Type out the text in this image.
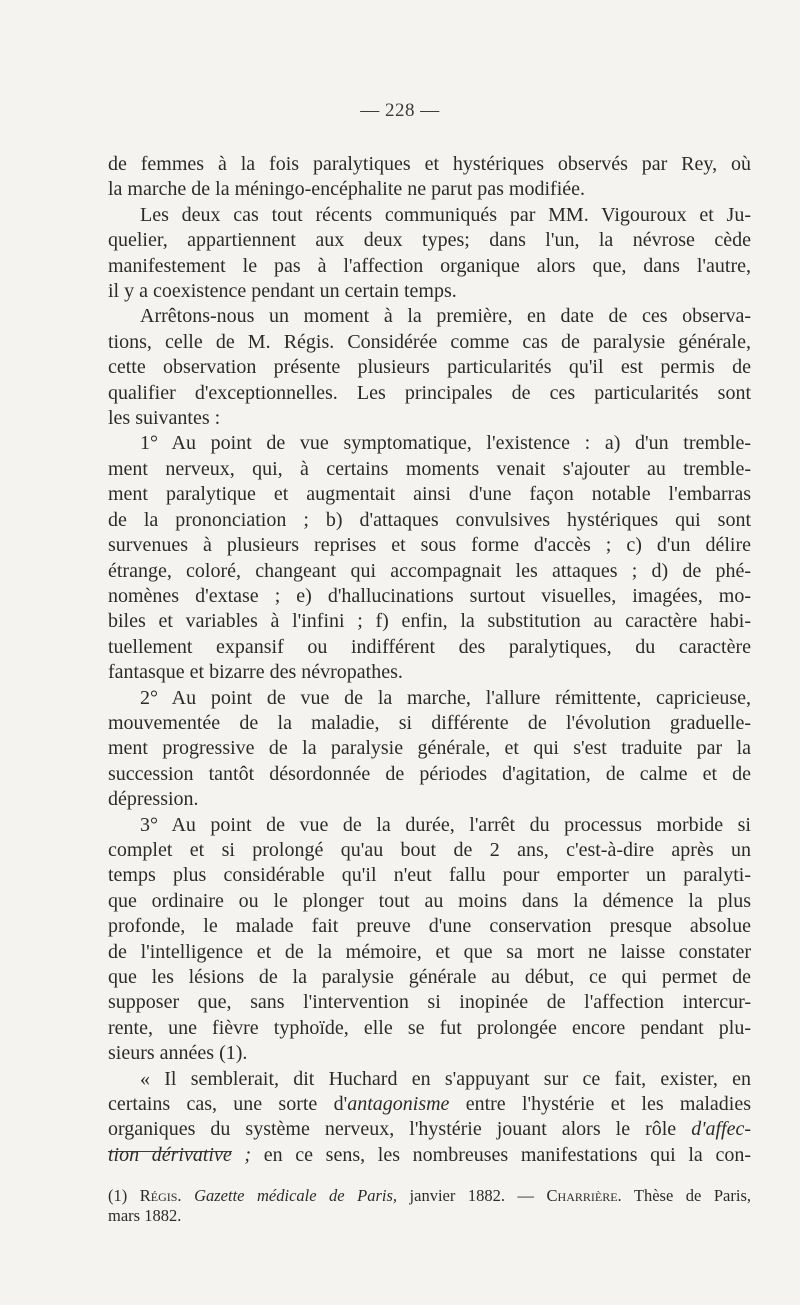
— 228 —
de femmes à la fois paralytiques et hystériques observés par Rey, où
la marche de la méningo-encéphalite ne parut pas modifiée.
Les deux cas tout récents communiqués par MM. Vigouroux et Ju-
quelier, appartiennent aux deux types; dans l'un, la névrose cède
manifestement le pas à l'affection organique alors que, dans l'autre,
il y a coexistence pendant un certain temps.
Arrêtons-nous un moment à la première, en date de ces observa-
tions, celle de M. Régis. Considérée comme cas de paralysie générale,
cette observation présente plusieurs particularités qu'il est permis de
qualifier d'exceptionnelles. Les principales de ces particularités sont
les suivantes :
1° Au point de vue symptomatique, l'existence : a) d'un tremble-
ment nerveux, qui, à certains moments venait s'ajouter au tremble-
ment paralytique et augmentait ainsi d'une façon notable l'embarras
de la prononciation ; b) d'attaques convulsives hystériques qui sont
survenues à plusieurs reprises et sous forme d'accès ; c) d'un délire
étrange, coloré, changeant qui accompagnait les attaques ; d) de phé-
nomènes d'extase ; e) d'hallucinations surtout visuelles, imagées, mo-
biles et variables à l'infini ; f) enfin, la substitution au caractère habi-
tuellement expansif ou indifférent des paralytiques, du caractère
fantasque et bizarre des névropathes.
2° Au point de vue de la marche, l'allure rémittente, capricieuse,
mouvementée de la maladie, si différente de l'évolution graduelle-
ment progressive de la paralysie générale, et qui s'est traduite par la
succession tantôt désordonnée de périodes d'agitation, de calme et de
dépression.
3° Au point de vue de la durée, l'arrêt du processus morbide si
complet et si prolongé qu'au bout de 2 ans, c'est-à-dire après un
temps plus considérable qu'il n'eut fallu pour emporter un paralyti-
que ordinaire ou le plonger tout au moins dans la démence la plus
profonde, le malade fait preuve d'une conservation presque absolue
de l'intelligence et de la mémoire, et que sa mort ne laisse constater
que les lésions de la paralysie générale au début, ce qui permet de
supposer que, sans l'intervention si inopinée de l'affection intercur-
rente, une fièvre typhoïde, elle se fut prolongée encore pendant plu-
sieurs années (1).
« Il semblerait, dit Huchard en s'appuyant sur ce fait, exister, en
certains cas, une sorte d'antagonisme entre l'hystérie et les maladies
organiques du système nerveux, l'hystérie jouant alors le rôle d'affec-
tion dérivative ; en ce sens, les nombreuses manifestations qui la con-
(1) Régis. Gazette médicale de Paris, janvier 1882. — Charrière. Thèse de Paris,
mars 1882.
